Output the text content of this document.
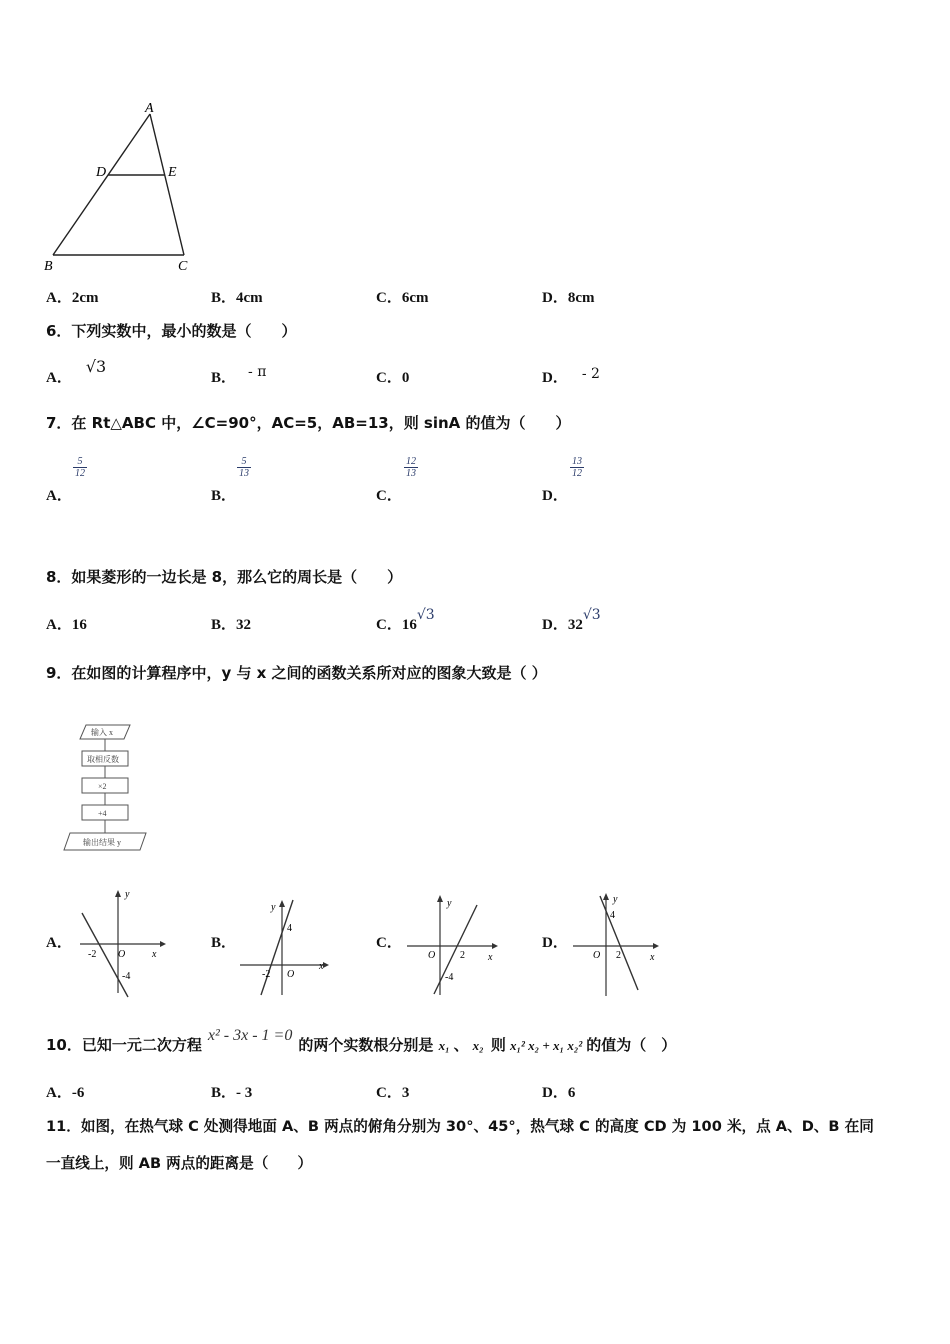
A
D	E
B	C
A．2cm	B．4cm	C．6cm	D．8cm
6．下列实数中，最小的数是（　　）
A．√3
B． - π	C．0	D． - 2
7．在 Rt△ABC 中，∠C=90°，AC=5，AB=13，则 sinA 的值为（　　）
A．
$\frac{5}{12}$
B．
$\frac{5}{13}$
C．
$\frac{12}{13}$
D．
$\frac{13}{12}$
8．如果菱形的一边长是 8，那么它的周长是（　　）
A．16	B．32	C．16√3
D．32√3
9．在如图的计算程序中，y 与 x 之间的函数关系所对应的图象大致是（ ）
输入 x
取相反数
×2
+4
输出结果 y
A．
y
x
-2 O
-4
B．
y
x
4
-2 O
C．
y
x
O 2
-4
D．
y
x
4
O 2
10．已知一元二次方程x² - 3x - 1 =0的两个实数根分别是 x₁ 、 x₂ 则 x₁² x₂ + x₁ x₂² 的值为（　）
A．-6	B．- 3	C．3	D．6
11．如图，在热气球 C 处测得地面 A、B 两点的俯角分别为 30°、45°，热气球 C 的高度 CD 为 100 米，点 A、D、B 在同
一直线上，则 AB 两点的距离是（　　）
